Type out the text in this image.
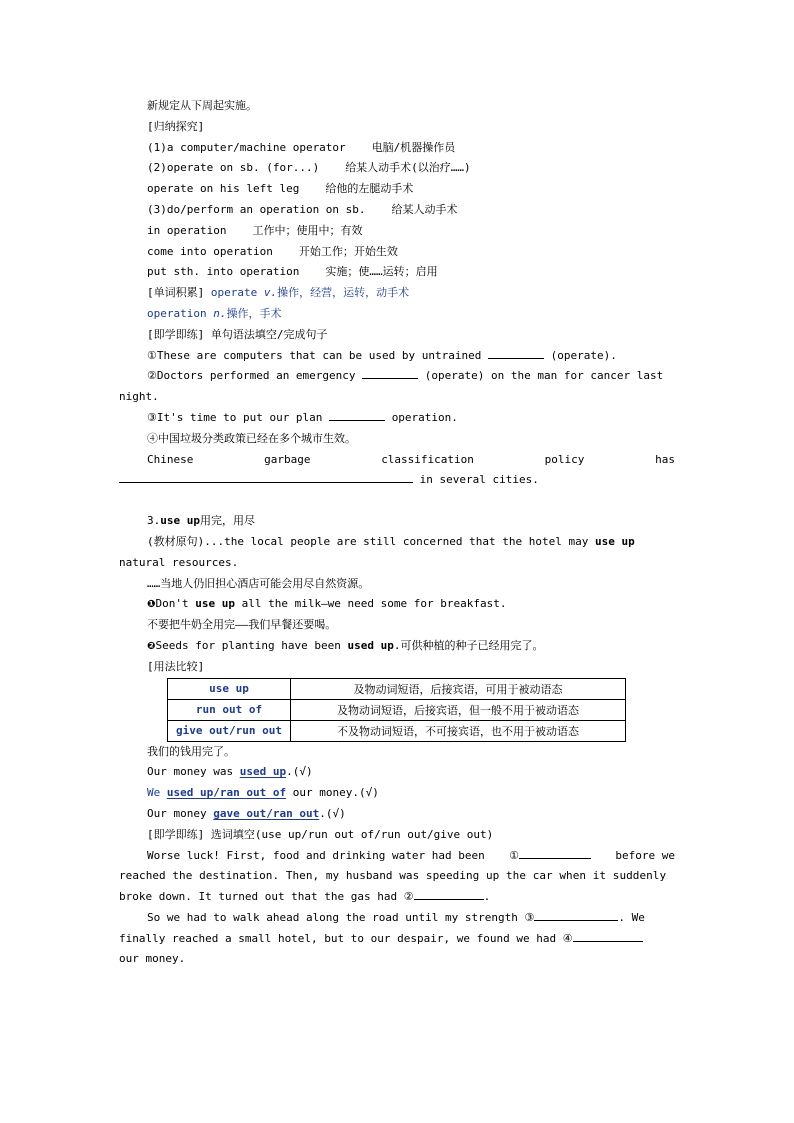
新规定从下周起实施。
[归纳探究]
(1)a computer/machine operator 电脑/机器操作员
(2)operate on sb. (for...) 给某人动手术(以治疗……)
operate on his left leg 给他的左腿动手术
(3)do/perform an operation on sb. 给某人动手术
in operation 工作中；使用中；有效
come into operation 开始工作；开始生效
put sth. into operation 实施；使……运转；启用
[单词积累] operate v.操作，经营，运转，动手术
operation n.操作，手术
[即学即练] 单句语法填空/完成句子
①These are computers that can be used by untrained	(operate).
②Doctors performed an emergency	(operate) on the man for cancer last
night.
③It's time to put our plan	operation.
④中国垃圾分类政策已经在多个城市生效。
Chinese	garbage	classification	policy	has
in several cities.
3.use up用完，用尽
(教材原句)...the local people are still concerned that the hotel may use up
natural resources.
……当地人仍旧担心酒店可能会用尽自然资源。
❶Don't use up all the milk—we need some for breakfast.
不要把牛奶全用完——我们早餐还要喝。
❷Seeds for planting have been used up.可供种植的种子已经用完了。
[用法比较]
use up	及物动词短语，后接宾语，可用于被动语态
run out of	及物动词短语，后接宾语，但一般不用于被动语态
give out/run out	不及物动词短语，不可接宾语，也不用于被动语态
我们的钱用完了。
Our money was used up.(√)
We used up/ran out of our money.(√)
Our money gave out/ran out.(√)
[即学即练] 选词填空(use up/run out of/run out/give out)
Worse luck! First, food and drinking water had been ①	before we
reached the destination. Then, my husband was speeding up the car when it suddenly
broke down. It turned out that the gas had ②	.
So we had to walk ahead along the road until my strength ③	. We
finally reached a small hotel, but to our despair, we found we had ④
our money.
